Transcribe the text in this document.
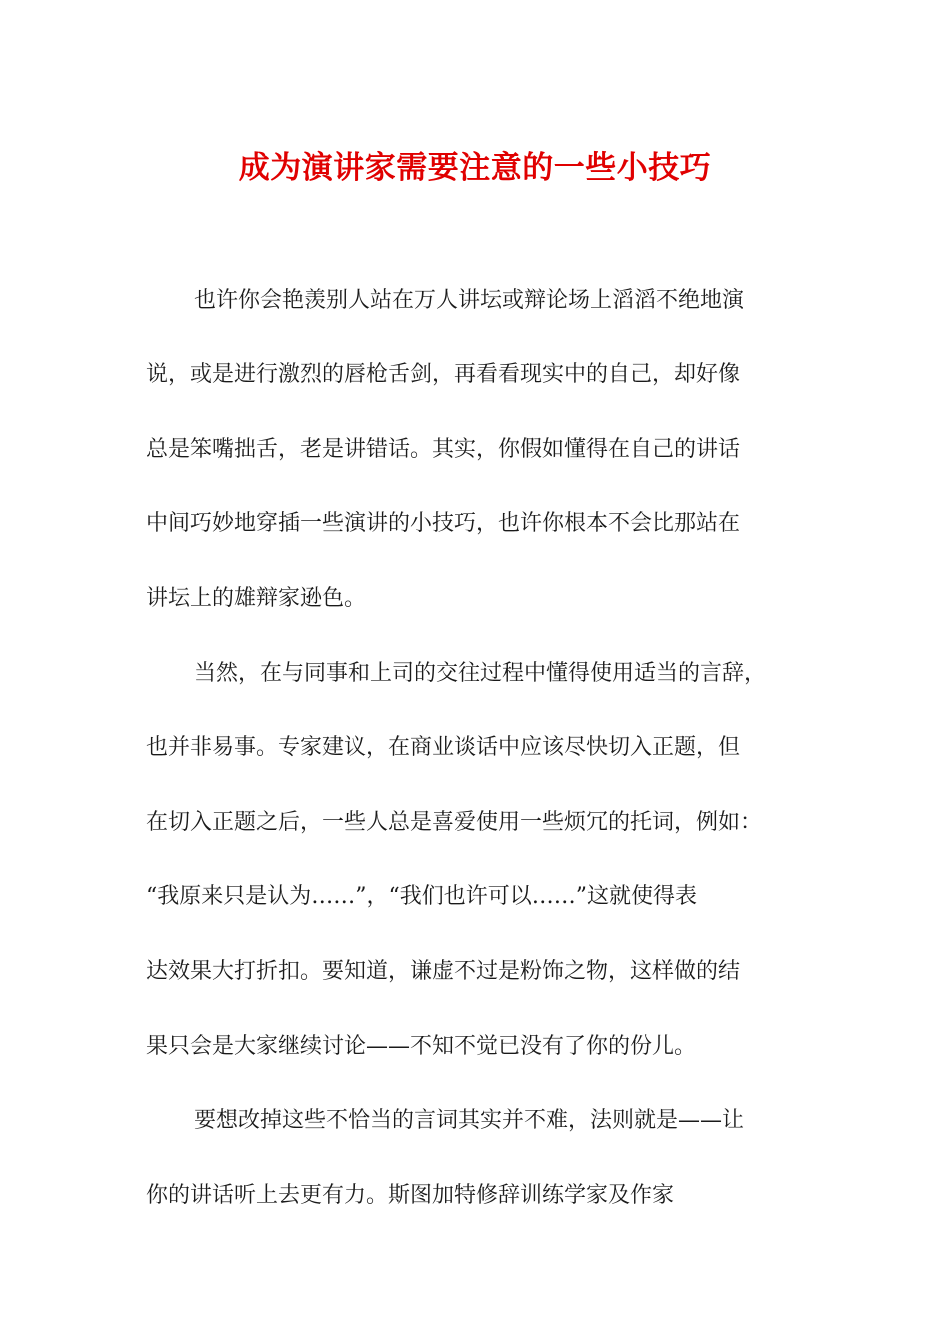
成为演讲家需要注意的一些小技巧
也许你会艳羡别人站在万人讲坛或辩论场上滔滔不绝地演
说，或是进行激烈的唇枪舌剑，再看看现实中的自己，却好像
总是笨嘴拙舌，老是讲错话。其实，你假如懂得在自己的讲话
中间巧妙地穿插一些演讲的小技巧，也许你根本不会比那站在
讲坛上的雄辩家逊色。
当然，在与同事和上司的交往过程中懂得使用适当的言辞，
也并非易事。专家建议，在商业谈话中应该尽快切入正题，但
在切入正题之后，一些人总是喜爱使用一些烦冗的托词，例如：
“我原来只是认为……”，“我们也许可以……”这就使得表
达效果大打折扣。要知道，谦虚不过是粉饰之物，这样做的结
果只会是大家继续讨论——不知不觉已没有了你的份儿。
要想改掉这些不恰当的言词其实并不难，法则就是——让
你的讲话听上去更有力。斯图加特修辞训练学家及作家
